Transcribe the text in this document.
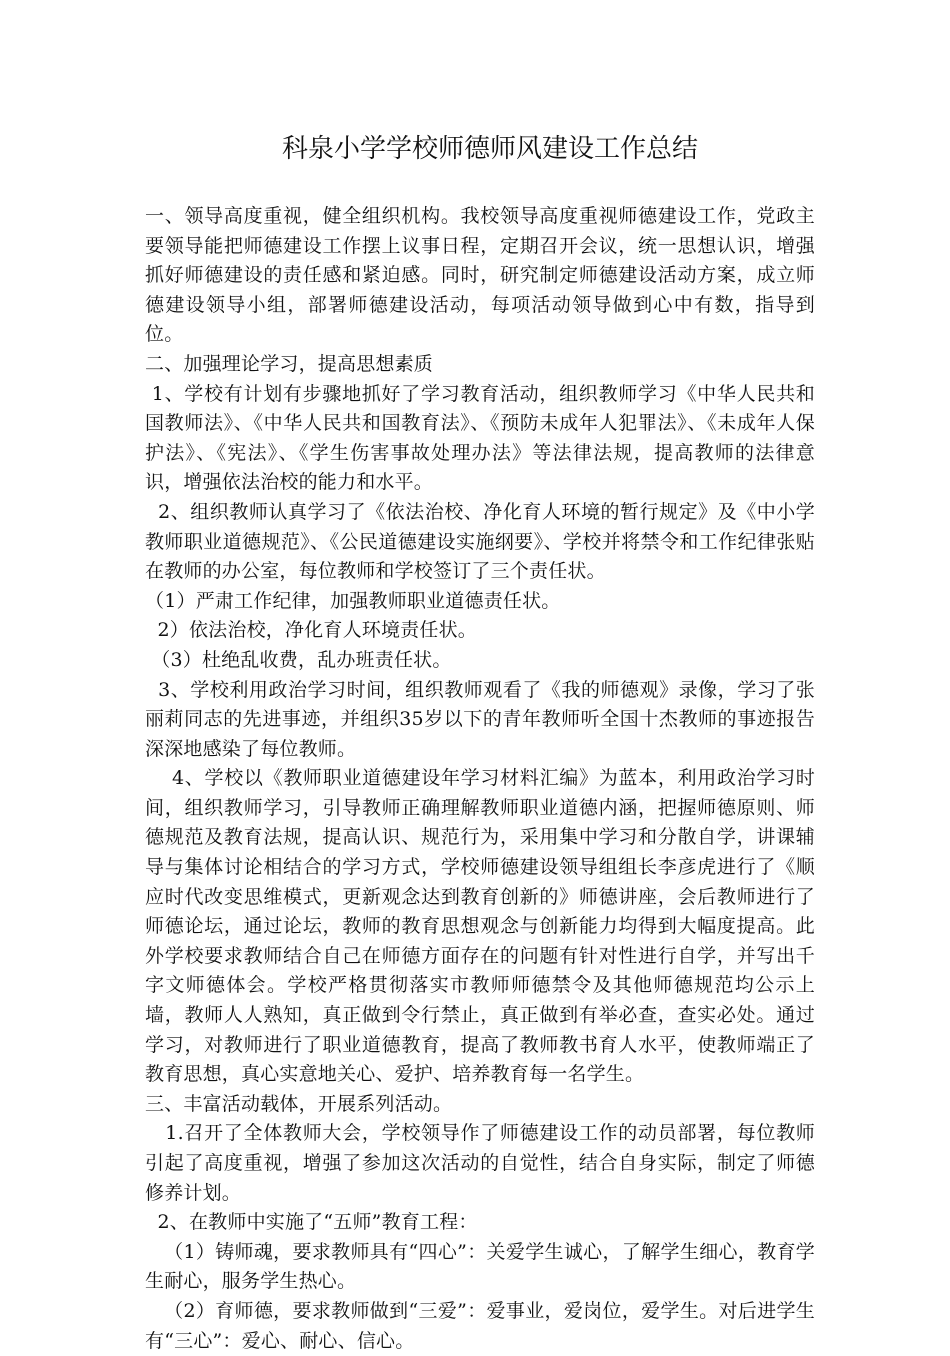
科泉小学学校师德师风建设工作总结

一、领导高度重视，健全组织机构。我校领导高度重视师德建设工作，党政主要领导能把师德建设工作摆上议事日程，定期召开会议，统一思想认识，增强抓好师德建设的责任感和紧迫感。同时，研究制定师德建设活动方案，成立师德建设领导小组，部署师德建设活动，每项活动领导做到心中有数，指导到位。

二、加强理论学习，提高思想素质

1、学校有计划有步骤地抓好了学习教育活动，组织教师学习《中华人民共和国教师法》、《中华人民共和国教育法》、《预防未成年人犯罪法》、《未成年人保护法》、《宪法》、《学生伤害事故处理办法》等法律法规，提高教师的法律意识，增强依法治校的能力和水平。

2、组织教师认真学习了《依法治校、净化育人环境的暂行规定》及《中小学教师职业道德规范》、《公民道德建设实施纲要》、学校并将禁令和工作纪律张贴在教师的办公室，每位教师和学校签订了三个责任状。

（1）严肃工作纪律，加强教师职业道德责任状。

2）依法治校，净化育人环境责任状。

（3）杜绝乱收费，乱办班责任状。

3、学校利用政治学习时间，组织教师观看了《我的师德观》录像，学习了张丽莉同志的先进事迹，并组织35岁以下的青年教师听全国十杰教师的事迹报告深深地感染了每位教师。

4、学校以《教师职业道德建设年学习材料汇编》为蓝本，利用政治学习时间，组织教师学习，引导教师正确理解教师职业道德内涵，把握师德原则、师德规范及教育法规，提高认识、规范行为，采用集中学习和分散自学，讲课辅导与集体讨论相结合的学习方式，学校师德建设领导组组长李彦虎进行了《顺应时代改变思维模式，更新观念达到教育创新的》师德讲座，会后教师进行了师德论坛，通过论坛，教师的教育思想观念与创新能力均得到大幅度提高。此外学校要求教师结合自己在师德方面存在的问题有针对性进行自学，并写出千字文师德体会。学校严格贯彻落实市教师师德禁令及其他师德规范均公示上墙，教师人人熟知，真正做到令行禁止，真正做到有举必查，查实必处。通过学习，对教师进行了职业道德教育，提高了教师教书育人水平，使教师端正了教育思想，真心实意地关心、爱护、培养教育每一名学生。

三、丰富活动载体，开展系列活动。

1.召开了全体教师大会，学校领导作了师德建设工作的动员部署，每位教师引起了高度重视，增强了参加这次活动的自觉性，结合自身实际，制定了师德修养计划。

2、在教师中实施了“五师”教育工程：

（1）铸师魂，要求教师具有“四心”：关爱学生诚心，了解学生细心，教育学生耐心，服务学生热心。

（2）育师德，要求教师做到“三爱”：爱事业，爱岗位，爱学生。对后进学生有“三心”：爱心、耐心、信心。
